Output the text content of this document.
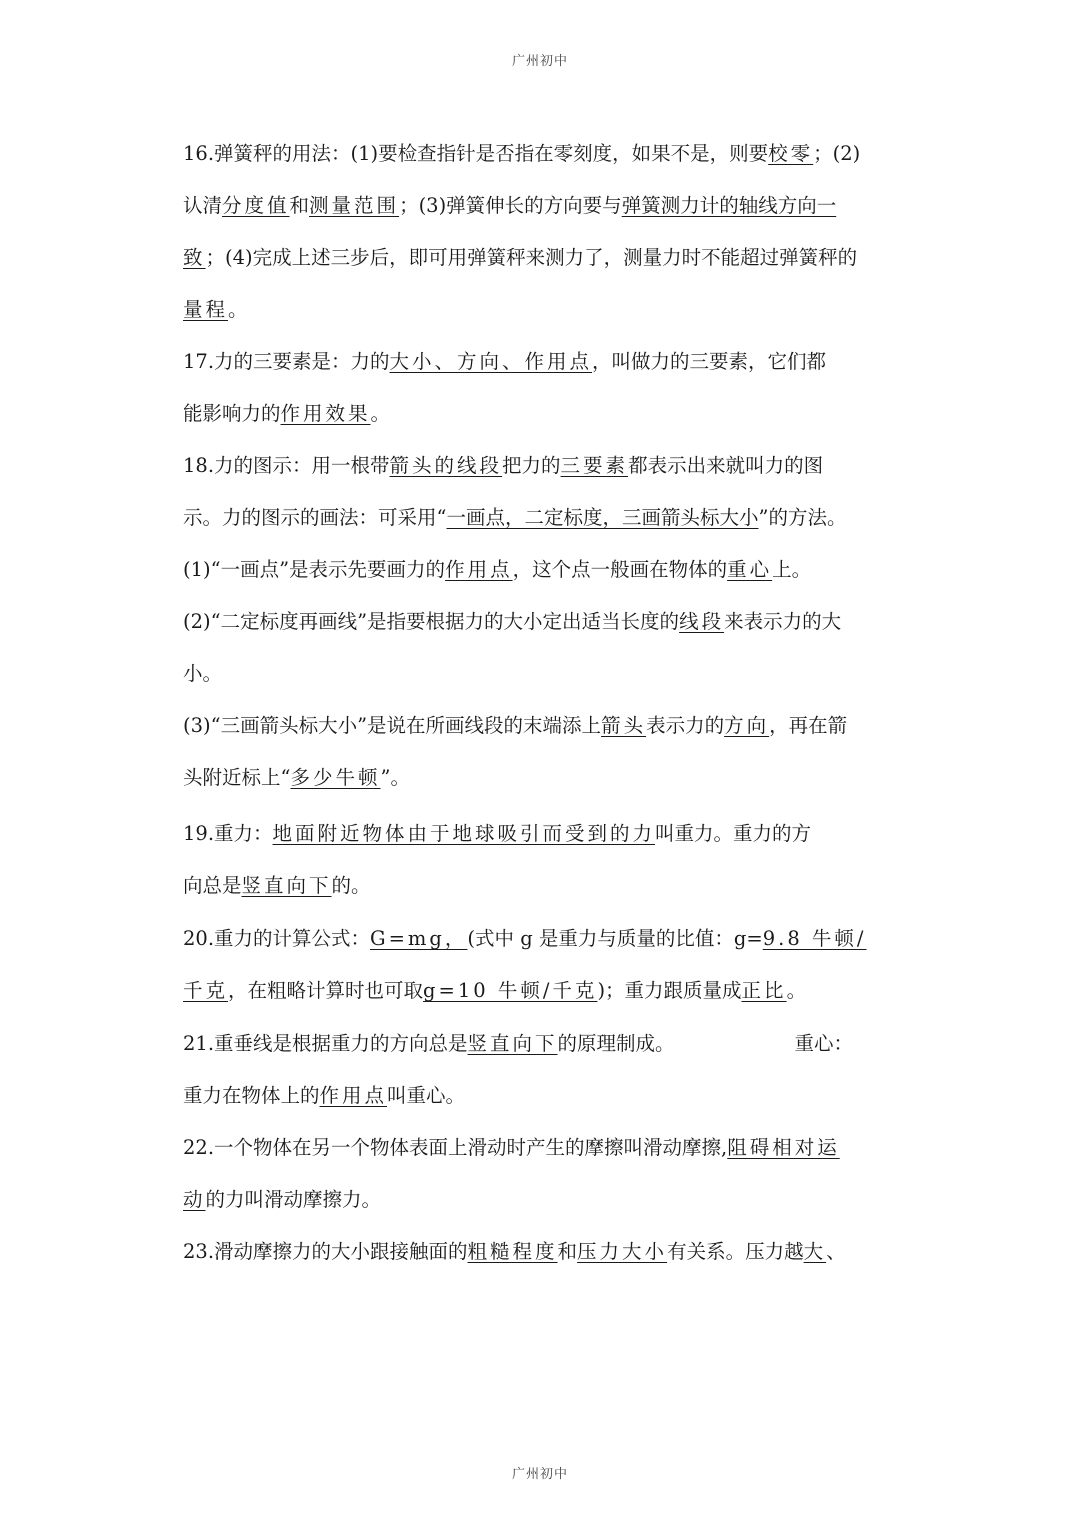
广州初中
16.弹簧秤的用法：(1)要检查指针是否指在零刻度，如果不是，则要校零；(2)
认清分度值和测量范围；(3)弹簧伸长的方向要与弹簧测力计的轴线方向一
致；(4)完成上述三步后，即可用弹簧秤来测力了，测量力时不能超过弹簧秤的
量程。
17.力的三要素是：力的大小、方向、作用点，叫做力的三要素，它们都
能影响力的作用效果。
18.力的图示：用一根带箭头的线段把力的三要素都表示出来就叫力的图
示。力的图示的画法：可采用“一画点，二定标度，三画箭头标大小”的方法。
(1)“一画点”是表示先要画力的作用点，这个点一般画在物体的重心上。
(2)“二定标度再画线”是指要根据力的大小定出适当长度的线段来表示力的大
小。
(3)“三画箭头标大小”是说在所画线段的末端添上箭头表示力的方向，再在箭
头附近标上“多少牛顿”。
19.重力：地面附近物体由于地球吸引而受到的力叫重力。重力的方
向总是竖直向下的。
20.重力的计算公式：G=mg，(式中 g 是重力与质量的比值：g=9.8 牛顿/
千克，在粗略计算时也可取g=10 牛顿/千克)；重力跟质量成正比。
21.重垂线是根据重力的方向总是竖直向下的原理制成。	重心：
重力在物体上的作用点叫重心。
22.一个物体在另一个物体表面上滑动时产生的摩擦叫滑动摩擦,阻碍相对运
动的力叫滑动摩擦力。
23.滑动摩擦力的大小跟接触面的粗糙程度和压力大小有关系。压力越大、
广州初中
